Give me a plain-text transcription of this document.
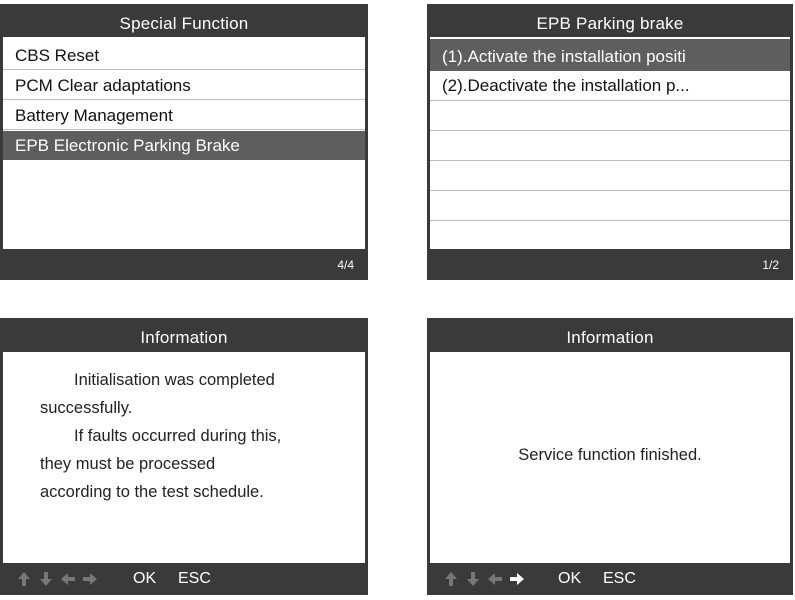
Special Function
CBS Reset
PCM Clear adaptations
Battery Management
EPB Electronic Parking Brake
4/4
EPB Parking brake
(1).Activate the installation positi
(2).Deactivate the installation p...
1/2
Information
Initialisation was completed
successfully.
If faults occurred during this,
they must be processed
according to the test schedule.
OK ESC
Information
Service function finished.
OK ESC
